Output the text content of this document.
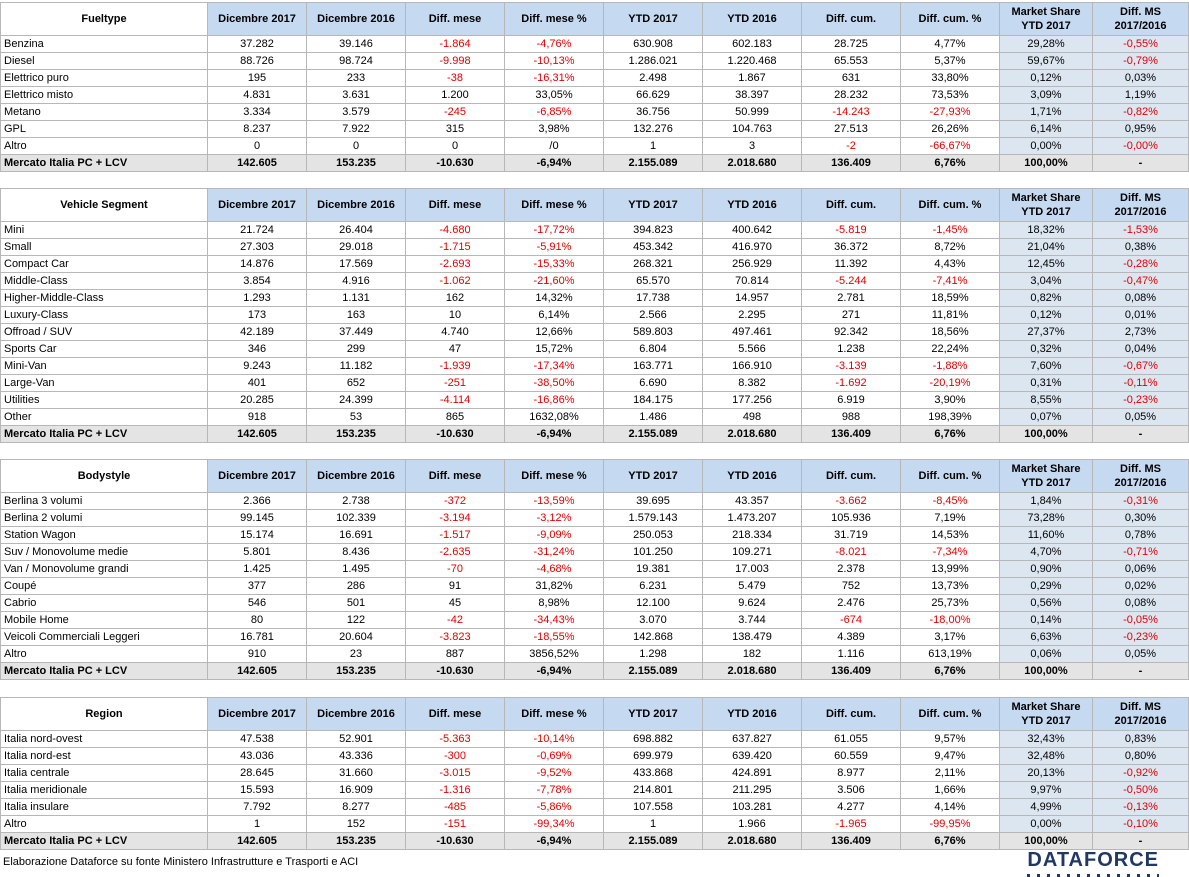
Fueltype	Dicembre 2017	Dicembre 2016	Diff. mese	Diff. mese %	YTD 2017	YTD 2016	Diff. cum.	Diff. cum. %	Market Share YTD 2017	Diff. MS 2017/2016
Benzina	37.282	39.146	-1.864	-4,76%	630.908	602.183	28.725	4,77%	29,28%	-0,55%
Diesel	88.726	98.724	-9.998	-10,13%	1.286.021	1.220.468	65.553	5,37%	59,67%	-0,79%
Elettrico puro	195	233	-38	-16,31%	2.498	1.867	631	33,80%	0,12%	0,03%
Elettrico misto	4.831	3.631	1.200	33,05%	66.629	38.397	28.232	73,53%	3,09%	1,19%
Metano	3.334	3.579	-245	-6,85%	36.756	50.999	-14.243	-27,93%	1,71%	-0,82%
GPL	8.237	7.922	315	3,98%	132.276	104.763	27.513	26,26%	6,14%	0,95%
Altro	0	0	0	/0	1	3	-2	-66,67%	0,00%	-0,00%
Mercato Italia PC + LCV	142.605	153.235	-10.630	-6,94%	2.155.089	2.018.680	136.409	6,76%	100,00%	-
Vehicle Segment	Dicembre 2017	Dicembre 2016	Diff. mese	Diff. mese %	YTD 2017	YTD 2016	Diff. cum.	Diff. cum. %	Market Share YTD 2017	Diff. MS 2017/2016
Mini	21.724	26.404	-4.680	-17,72%	394.823	400.642	-5.819	-1,45%	18,32%	-1,53%
Small	27.303	29.018	-1.715	-5,91%	453.342	416.970	36.372	8,72%	21,04%	0,38%
Compact Car	14.876	17.569	-2.693	-15,33%	268.321	256.929	11.392	4,43%	12,45%	-0,28%
Middle-Class	3.854	4.916	-1.062	-21,60%	65.570	70.814	-5.244	-7,41%	3,04%	-0,47%
Higher-Middle-Class	1.293	1.131	162	14,32%	17.738	14.957	2.781	18,59%	0,82%	0,08%
Luxury-Class	173	163	10	6,14%	2.566	2.295	271	11,81%	0,12%	0,01%
Offroad / SUV	42.189	37.449	4.740	12,66%	589.803	497.461	92.342	18,56%	27,37%	2,73%
Sports Car	346	299	47	15,72%	6.804	5.566	1.238	22,24%	0,32%	0,04%
Mini-Van	9.243	11.182	-1.939	-17,34%	163.771	166.910	-3.139	-1,88%	7,60%	-0,67%
Large-Van	401	652	-251	-38,50%	6.690	8.382	-1.692	-20,19%	0,31%	-0,11%
Utilities	20.285	24.399	-4.114	-16,86%	184.175	177.256	6.919	3,90%	8,55%	-0,23%
Other	918	53	865	1632,08%	1.486	498	988	198,39%	0,07%	0,05%
Mercato Italia PC + LCV	142.605	153.235	-10.630	-6,94%	2.155.089	2.018.680	136.409	6,76%	100,00%	-
Bodystyle	Dicembre 2017	Dicembre 2016	Diff. mese	Diff. mese %	YTD 2017	YTD 2016	Diff. cum.	Diff. cum. %	Market Share YTD 2017	Diff. MS 2017/2016
Berlina 3 volumi	2.366	2.738	-372	-13,59%	39.695	43.357	-3.662	-8,45%	1,84%	-0,31%
Berlina 2 volumi	99.145	102.339	-3.194	-3,12%	1.579.143	1.473.207	105.936	7,19%	73,28%	0,30%
Station Wagon	15.174	16.691	-1.517	-9,09%	250.053	218.334	31.719	14,53%	11,60%	0,78%
Suv / Monovolume medie	5.801	8.436	-2.635	-31,24%	101.250	109.271	-8.021	-7,34%	4,70%	-0,71%
Van / Monovolume grandi	1.425	1.495	-70	-4,68%	19.381	17.003	2.378	13,99%	0,90%	0,06%
Coupé	377	286	91	31,82%	6.231	5.479	752	13,73%	0,29%	0,02%
Cabrio	546	501	45	8,98%	12.100	9.624	2.476	25,73%	0,56%	0,08%
Mobile Home	80	122	-42	-34,43%	3.070	3.744	-674	-18,00%	0,14%	-0,05%
Veicoli Commerciali Leggeri	16.781	20.604	-3.823	-18,55%	142.868	138.479	4.389	3,17%	6,63%	-0,23%
Altro	910	23	887	3856,52%	1.298	182	1.116	613,19%	0,06%	0,05%
Mercato Italia PC + LCV	142.605	153.235	-10.630	-6,94%	2.155.089	2.018.680	136.409	6,76%	100,00%	-
Region	Dicembre 2017	Dicembre 2016	Diff. mese	Diff. mese %	YTD 2017	YTD 2016	Diff. cum.	Diff. cum. %	Market Share YTD 2017	Diff. MS 2017/2016
Italia nord-ovest	47.538	52.901	-5.363	-10,14%	698.882	637.827	61.055	9,57%	32,43%	0,83%
Italia nord-est	43.036	43.336	-300	-0,69%	699.979	639.420	60.559	9,47%	32,48%	0,80%
Italia centrale	28.645	31.660	-3.015	-9,52%	433.868	424.891	8.977	2,11%	20,13%	-0,92%
Italia meridionale	15.593	16.909	-1.316	-7,78%	214.801	211.295	3.506	1,66%	9,97%	-0,50%
Italia insulare	7.792	8.277	-485	-5,86%	107.558	103.281	4.277	4,14%	4,99%	-0,13%
Altro	1	152	-151	-99,34%	1	1.966	-1.965	-99,95%	0,00%	-0,10%
Mercato Italia PC + LCV	142.605	153.235	-10.630	-6,94%	2.155.089	2.018.680	136.409	6,76%	100,00%	-
Elaborazione Dataforce su fonte Ministero Infrastrutture e Trasporti e ACI	DATAFORCE
